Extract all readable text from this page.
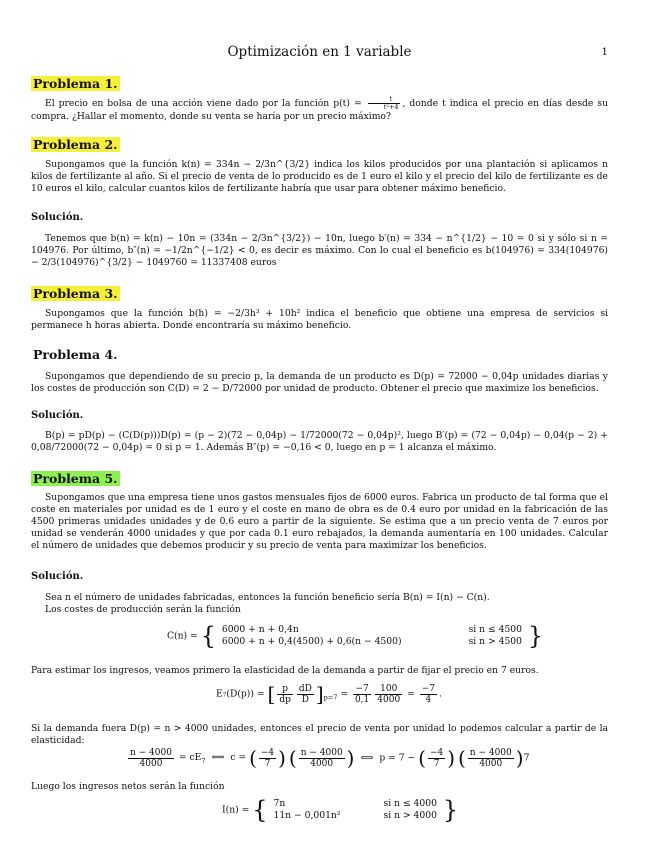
Optimización en 1 variable	1
Problema 1.
El precio en bolsa de una acción viene dado por la función $p(t) = \frac{t}{\text{t²+4}}$ , donde t indica el precio en días desde su compra. ¿Hallar el momento, donde su venta se haría por un precio máximo?
Problema 2.
Supongamos que la función k(n) = 334n − 2/3n^{3/2} indica los kilos producidos por una plantación si aplicamos n kilos de fertilizante al año. Si el precio de venta de lo producido es de 1 euro el kilo y el precio del kilo de fertilizante es de 10 euros el kilo, calcular cuantos kilos de fertilizante habría que usar para obtener máximo beneficio.
Solución.
Tenemos que b(n) = k(n) − 10n = (334n − 2/3n^{3/2}) − 10n, luego b′(n) = 334 − n^{1/2} − 10 = 0 si y sólo si n = 104976. Por último, b″(n) = −1/2n^{−1/2} < 0, es decir es máximo. Con lo cual el beneficio es b(104976) = 334(104976) − 2/3(104976)^{3/2} − 1049760 = 11337408 euros
Problema 3.
Supongamos que la función b(h) = −2/3h³ + 10h² indica el beneficio que obtiene una empresa de servicios si permanece h horas abierta. Donde encontraría su máximo beneficio.
Problema 4.
Supongamos que dependiendo de su precio p, la demanda de un producto es D(p) = 72000 − 0,04p unidades diarias y los costes de producción son C(D) = 2 − D/72000 por unidad de producto. Obtener el precio que maximize los beneficios.
Solución.
B(p) = pD(p) − (C(D(p)))D(p) = (p − 2)(72 − 0,04p) − 1/72000(72 − 0,04p)², luego B′(p) = (72 − 0,04p) − 0,04(p − 2) + 0,08/72000(72 − 0,04p) = 0 si p = 1. Además B″(p) = −0,16 < 0, luego en p = 1 alcanza el máximo.
Problema 5.
Supongamos que una empresa tiene unos gastos mensuales fijos de 6000 euros. Fabrica un producto de tal forma que el coste en materiales por unidad es de 1 euro y el coste en mano de obra es de 0.4 euro por unidad en la fabricación de las 4500 primeras unidades unidades y de 0.6 euro a partir de la siguiente. Se estima que a un precio venta de 7 euros por unidad se venderán 4000 unidades y que por cada 0.1 euro rebajados, la demanda aumentaría en 100 unidades. Calcular el número de unidades que debemos producir y su precio de venta para maximizar los beneficios.
Solución.
Sea n el número de unidades fabricadas, entonces la función beneficio sería B(n) = I(n) − C(n).
Los costes de producción serán la función
C(n) = { 6000 + n + 0,4n	si n ≤ 4500
6000 + n + 0,4(4500) + 0,6(n − 4500)	si n > 4500 }
Para estimar los ingresos, veamos primero la elasticidad de la demanda a partir de fijar el precio en 7 euros.
E₇(D(p)) = [ $\frac{p}{dp} \frac{dD}{D} ]_{p=7} = \frac{-7}{0,1} \frac{100}{4000} = \frac{-7}{4}$ .
Si la demanda fuera D(p) = n > 4000 unidades, entonces el precio de venta por unidad lo podemos calcular a partir de la elasticidad:
$\frac{n - 4000}{4000} = cE_7$  ⟺  c = ( $\frac{-4}{7}$ ) ( $\frac{n - 4000}{4000}$ )  ⟺  p = 7 − ( $\frac{-4}{7}$ ) ( $\frac{n - 4000}{4000} )7$
Luego los ingresos netos serán la función
I(n) = { 7n	si n ≤ 4000
11n − 0,001n²	si n > 4000 }
